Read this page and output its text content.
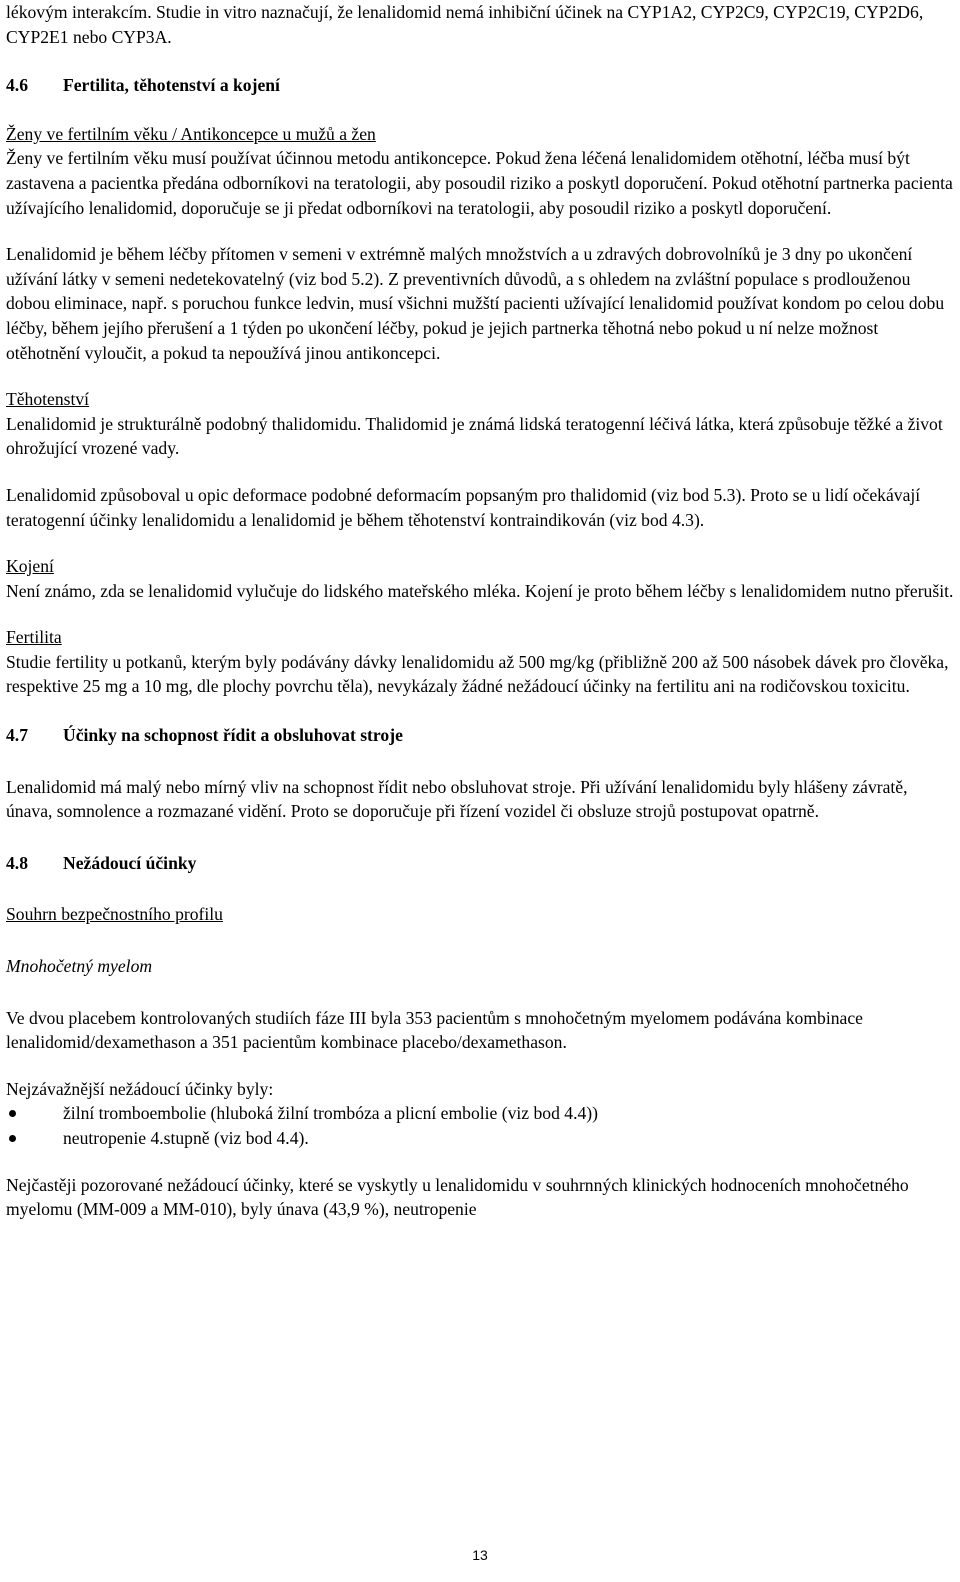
lékovým interakcím. Studie in vitro naznačují, že lenalidomid nemá inhibiční účinek na CYP1A2, CYP2C9, CYP2C19, CYP2D6, CYP2E1 nebo CYP3A.

4.6	Fertilita, těhotenství a kojení

Ženy ve fertilním věku / Antikoncepce u mužů a žen

Ženy ve fertilním věku musí používat účinnou metodu antikoncepce. Pokud žena léčená lenalidomidem otěhotní, léčba musí být zastavena a pacientka předána odborníkovi na teratologii, aby posoudil riziko a poskytl doporučení. Pokud otěhotní partnerka pacienta užívajícího lenalidomid, doporučuje se ji předat odborníkovi na teratologii, aby posoudil riziko a poskytl doporučení.

Lenalidomid je během léčby přítomen v semeni v extrémně malých množstvích a u zdravých dobrovolníků je 3 dny po ukončení užívání látky v semeni nedetekovatelný (viz bod 5.2). Z preventivních důvodů, a s ohledem na zvláštní populace s prodlouženou dobou eliminace, např. s poruchou funkce ledvin, musí všichni mužští pacienti užívající lenalidomid používat kondom po celou dobu léčby, během jejího přerušení a 1 týden po ukončení léčby, pokud je jejich partnerka těhotná nebo pokud u ní nelze možnost otěhotnění vyloučit, a pokud ta nepoužívá jinou antikoncepci.

Těhotenství

Lenalidomid je strukturálně podobný thalidomidu. Thalidomid je známá lidská teratogenní léčivá látka, která způsobuje těžké a život ohrožující vrozené vady.

Lenalidomid způsoboval u opic deformace podobné deformacím popsaným pro thalidomid (viz bod 5.3). Proto se u lidí očekávají teratogenní účinky lenalidomidu a lenalidomid je během těhotenství kontraindikován (viz bod 4.3).

Kojení

Není známo, zda se lenalidomid vylučuje do lidského mateřského mléka. Kojení je proto během léčby s lenalidomidem nutno přerušit.

Fertilita

Studie fertility u potkanů, kterým byly podávány dávky lenalidomidu až 500 mg/kg (přibližně 200 až 500 násobek dávek pro člověka, respektive 25 mg a 10 mg, dle plochy povrchu těla), nevykázaly žádné nežádoucí účinky na fertilitu ani na rodičovskou toxicitu.

4.7	Účinky na schopnost řídit a obsluhovat stroje

Lenalidomid má malý nebo mírný vliv na schopnost řídit nebo obsluhovat stroje. Při užívání lenalidomidu byly hlášeny závratě, únava, somnolence a rozmazané vidění. Proto se doporučuje při řízení vozidel či obsluze strojů postupovat opatrně.

4.8	Nežádoucí účinky

Souhrn bezpečnostního profilu

Mnohočetný myelom

Ve dvou placebem kontrolovaných studiích fáze III byla 353 pacientům s mnohočetným myelomem podávána kombinace lenalidomid/dexamethason a 351 pacientům kombinace placebo/dexamethason.

Nejzávažnější nežádoucí účinky byly:

žilní tromboembolie (hluboká žilní trombóza a plicní embolie (viz bod 4.4))
neutropenie 4.stupně (viz bod 4.4).

Nejčastěji pozorované nežádoucí účinky, které se vyskytly u lenalidomidu v souhrnných klinických hodnoceních mnohočetného myelomu (MM-009 a MM-010), byly únava (43,9 %), neutropenie

13
